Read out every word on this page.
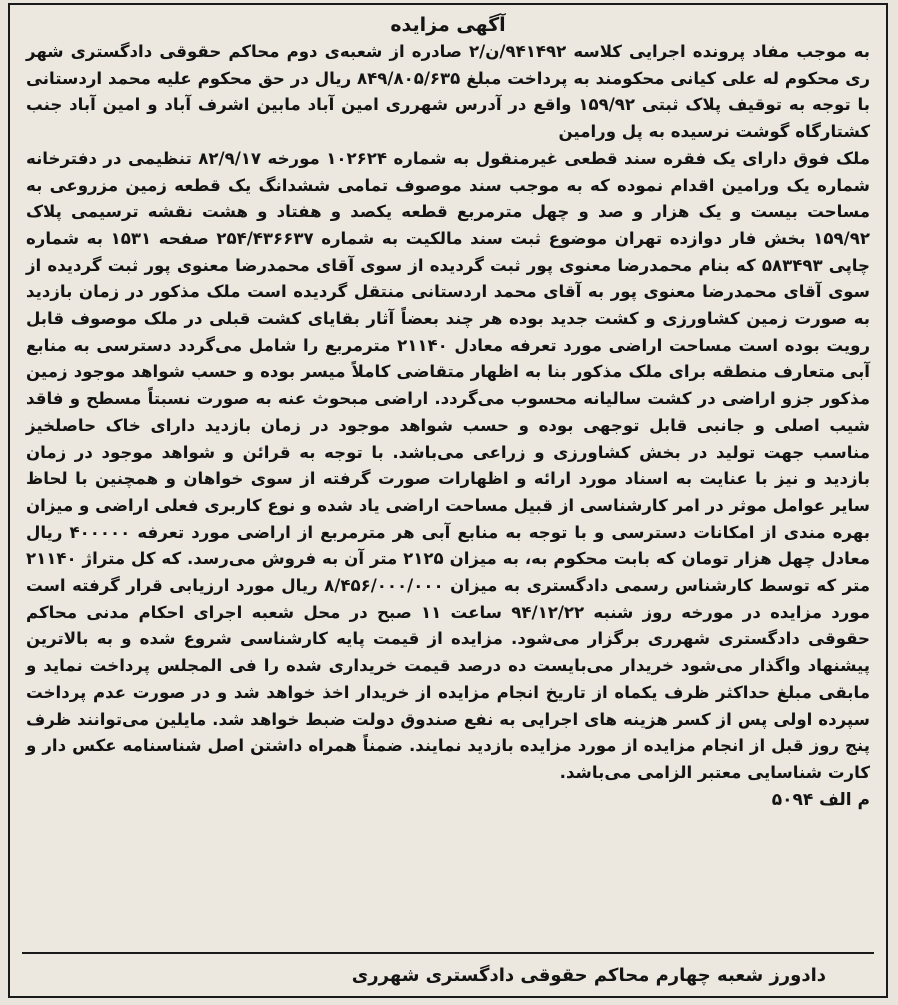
آگهی مزایده

به موجب مفاد پرونده اجرایی کلاسه ۹۴۱۴۹۲/ن/۲ صادره از شعبه‌ی دوم محاکم حقوقی دادگستری شهر ری محکوم له علی کیانی محکومند به پرداخت مبلغ ۸۴۹/۸۰۵/۶۳۵ ریال در حق محکوم علیه محمد اردستانی با توجه به توقیف پلاک ثبتی ۱۵۹/۹۲ واقع در آدرس شهرری امین آباد مابین اشرف آباد و امین آباد جنب کشتارگاه گوشت نرسیده به پل ورامین

ملک فوق دارای یک فقره سند قطعی غیرمنقول به شماره ۱۰۲۶۲۴ مورخه ۸۲/۹/۱۷ تنظیمی در دفترخانه شماره یک ورامین اقدام نموده که به موجب سند موصوف تمامی ششدانگ یک قطعه زمین مزروعی به مساحت بیست و یک هزار و صد و چهل مترمربع قطعه یکصد و هفتاد و هشت نقشه ترسیمی پلاک ۱۵۹/۹۲ بخش فار دوازده تهران موضوع ثبت سند مالکیت به شماره ۲۵۴/۴۳۶۶۳۷ صفحه ۱۵۳۱ به شماره چاپی ۵۸۳۴۹۳ که بنام محمدرضا معنوی پور ثبت گردیده از سوی آقای محمدرضا معنوی پور ثبت گردیده از سوی آقای محمدرضا معنوی پور به آقای محمد اردستانی منتقل گردیده است ملک مذکور در زمان بازدید به صورت زمین کشاورزی و کشت جدید بوده هر چند بعضاً آثار بقایای کشت قبلی در ملک موصوف قابل رویت بوده است مساحت اراضی مورد تعرفه معادل ۲۱۱۴۰ مترمربع را شامل می‌گردد دسترسی به منابع آبی متعارف منطقه برای ملک مذکور بنا به اظهار متقاضی کاملاً میسر بوده و حسب شواهد موجود زمین مذکور جزو اراضی در کشت سالیانه محسوب می‌گردد. اراضی مبحوث عنه به صورت نسبتاً مسطح و فاقد شیب اصلی و جانبی قابل توجهی بوده و حسب شواهد موجود در زمان بازدید دارای خاک حاصلخیز مناسب جهت تولید در بخش کشاورزی و زراعی می‌باشد. با توجه به قرائن و شواهد موجود در زمان بازدید و نیز با عنایت به اسناد مورد ارائه و اظهارات صورت گرفته از سوی خواهان و همچنین با لحاظ سایر عوامل موثر در امر کارشناسی از قبیل مساحت اراضی یاد شده و نوع کاربری فعلی اراضی و میزان بهره مندی از امکانات دسترسی و با توجه به منابع آبی هر مترمربع از اراضی مورد تعرفه ۴۰۰۰۰۰ ریال معادل چهل هزار تومان که بابت محکوم به، به میزان ۲۱۲۵ متر آن به فروش می‌رسد. که کل متراژ ۲۱۱۴۰ متر که توسط کارشناس رسمی دادگستری به میزان ۸/۴۵۶/۰۰۰/۰۰۰ ریال مورد ارزیابی قرار گرفته است مورد مزایده در مورخه روز شنبه ۹۴/۱۲/۲۲ ساعت ۱۱ صبح در محل شعبه اجرای احکام مدنی محاکم حقوقی دادگستری شهرری برگزار می‌شود. مزایده از قیمت پایه کارشناسی شروع شده و به بالاترین پیشنهاد واگذار می‌شود خریدار می‌بایست ده درصد قیمت خریداری شده را فی المجلس پرداخت نماید و مابقی مبلغ حداکثر ظرف یکماه از تاریخ انجام مزایده از خریدار اخذ خواهد شد و در صورت عدم پرداخت سپرده اولی پس از کسر هزینه های اجرایی به نفع صندوق دولت ضبط خواهد شد. مایلین می‌توانند ظرف پنج روز قبل از انجام مزایده از مورد مزایده بازدید نمایند. ضمناً همراه داشتن اصل شناسنامه عکس دار و کارت شناسایی معتبر الزامی می‌باشد.

م الف ۵۰۹۴
دادورز شعبه چهارم محاکم حقوقی دادگستری شهرری
